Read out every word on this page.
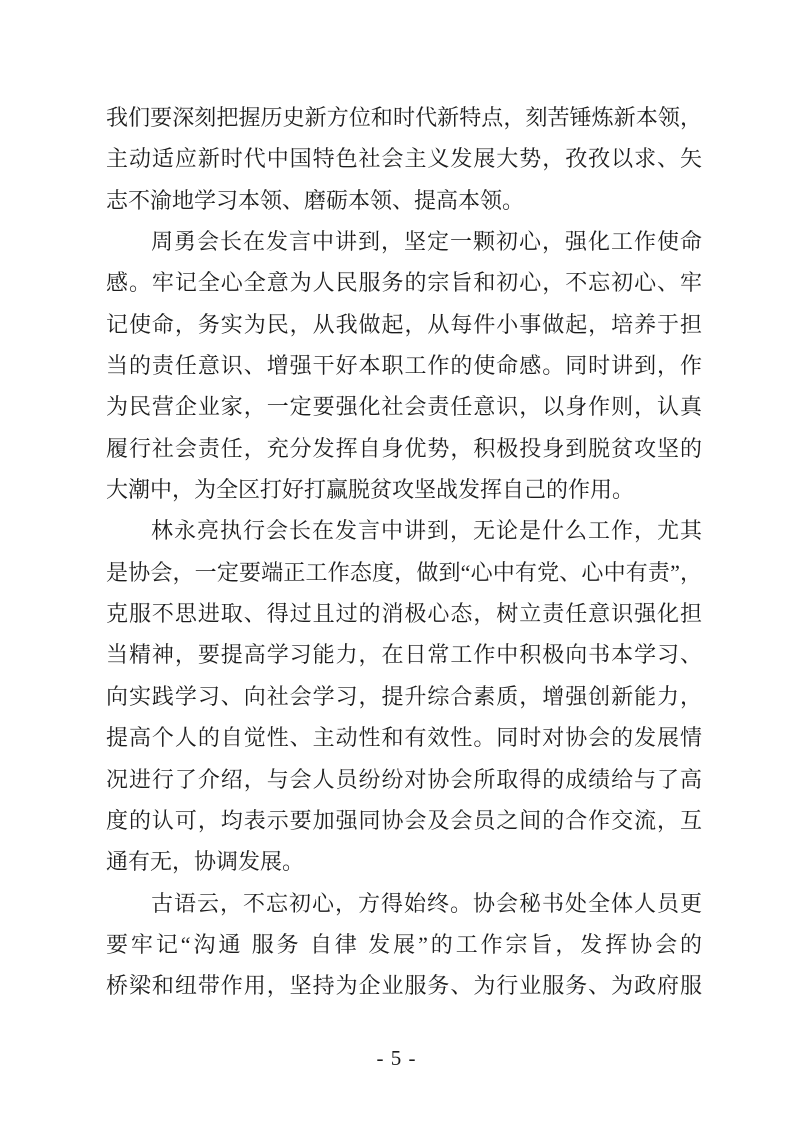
我们要深刻把握历史新方位和时代新特点，刻苦锤炼新本领，
主动适应新时代中国特色社会主义发展大势，孜孜以求、矢
志不渝地学习本领、磨砺本领、提高本领。
周勇会长在发言中讲到，坚定一颗初心，强化工作使命
感。牢记全心全意为人民服务的宗旨和初心，不忘初心、牢
记使命，务实为民，从我做起，从每件小事做起，培养于担
当的责任意识、增强干好本职工作的使命感。同时讲到，作
为民营企业家，一定要强化社会责任意识，以身作则，认真
履行社会责任，充分发挥自身优势，积极投身到脱贫攻坚的
大潮中，为全区打好打赢脱贫攻坚战发挥自己的作用。
林永亮执行会长在发言中讲到，无论是什么工作，尤其
是协会，一定要端正工作态度，做到“心中有党、心中有责”，
克服不思进取、得过且过的消极心态，树立责任意识强化担
当精神，要提高学习能力，在日常工作中积极向书本学习、
向实践学习、向社会学习，提升综合素质，增强创新能力，
提高个人的自觉性、主动性和有效性。同时对协会的发展情
况进行了介绍，与会人员纷纷对协会所取得的成绩给与了高
度的认可，均表示要加强同协会及会员之间的合作交流，互
通有无，协调发展。
古语云，不忘初心，方得始终。协会秘书处全体人员更
要牢记“沟通 服务 自律 发展”的工作宗旨，发挥协会的
桥梁和纽带作用，坚持为企业服务、为行业服务、为政府服
- 5 -
